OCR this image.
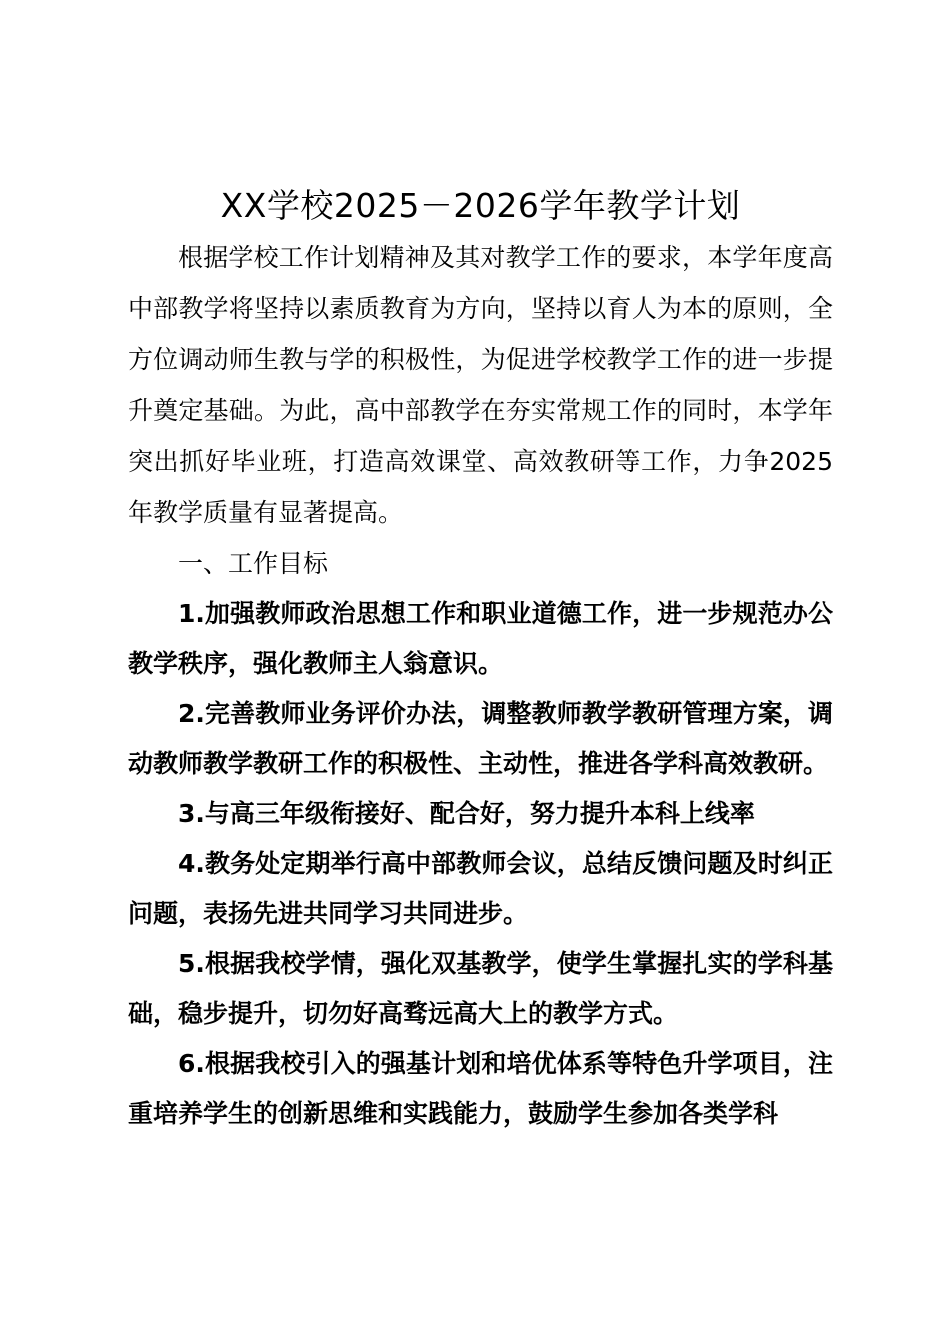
XX学校2025－2026学年教学计划

根据学校工作计划精神及其对教学工作的要求，本学年度高中部教学将坚持以素质教育为方向，坚持以育人为本的原则，全方位调动师生教与学的积极性，为促进学校教学工作的进一步提升奠定基础。为此，高中部教学在夯实常规工作的同时，本学年突出抓好毕业班，打造高效课堂、高效教研等工作，力争2025年教学质量有显著提高。

一、工作目标

1.加强教师政治思想工作和职业道德工作，进一步规范办公教学秩序，强化教师主人翁意识。

2.完善教师业务评价办法，调整教师教学教研管理方案，调动教师教学教研工作的积极性、主动性，推进各学科高效教研。

3.与高三年级衔接好、配合好，努力提升本科上线率

4.教务处定期举行高中部教师会议，总结反馈问题及时纠正问题，表扬先进共同学习共同进步。

5.根据我校学情，强化双基教学，使学生掌握扎实的学科基础，稳步提升，切勿好高骛远高大上的教学方式。

6.根据我校引入的强基计划和培优体系等特色升学项目，注重培养学生的创新思维和实践能力，鼓励学生参加各类学科
